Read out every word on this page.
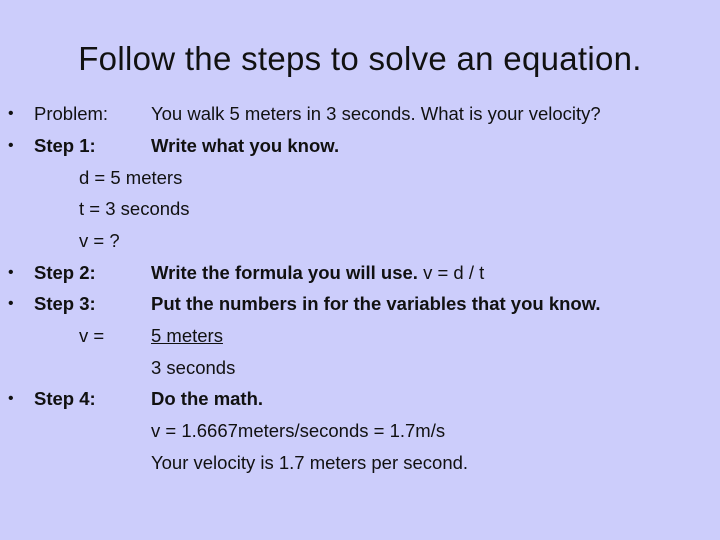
Follow the steps to solve an equation.
•	Problem: You walk 5 meters in 3 seconds. What is your velocity?
•	Step 1:	Write what you know.
d = 5 meters
t = 3 seconds
v = ?
•	Step 2:	Write the formula you will use. v = d / t
•	Step 3:	Put the numbers in for the variables that you know.
v =	5 meters
3 seconds
•	Step 4:	Do the math.
v = 1.6667meters/seconds = 1.7m/s
Your velocity is 1.7 meters per second.
